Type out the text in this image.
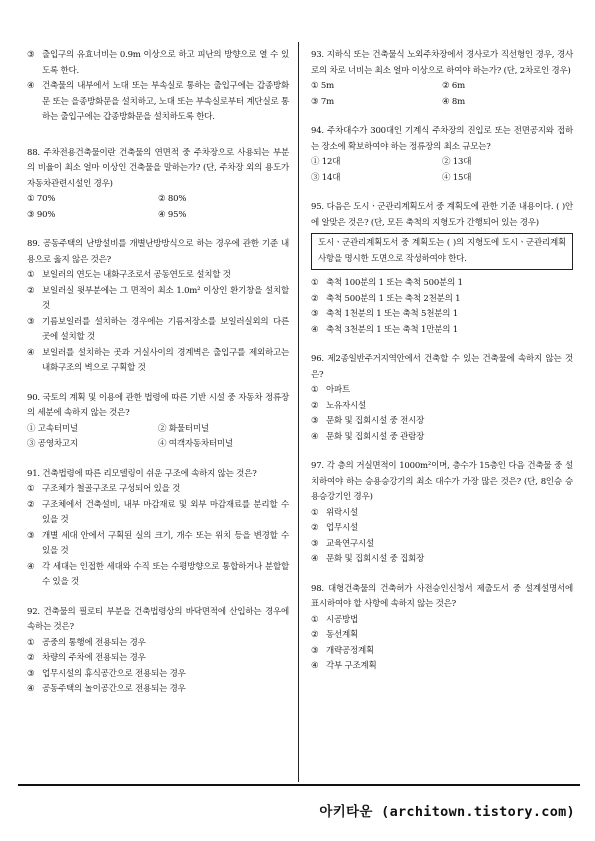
③ 출입구의 유효너비는 0.9m 이상으로 하고 피난의 방향으로 열 수 있도록 한다.
④ 건축물의 내부에서 노대 또는 부속실로 통하는 출입구에는 갑종방화문 또는 을종방화문을 설치하고, 노대 또는 부속실로부터 계단실로 통하는 출입구에는 갑종방화문을 설치하도록 한다.
88. 주차전용건축물이란 건축물의 연면적 중 주차장으로 사용되는 부분의 비율이 최소 얼마 이상인 건축물을 말하는가? (단, 주차장 외의 용도가 자동차관련시설인 경우)
① 70%	② 80%
③ 90%	④ 95%
89. 공동주택의 난방설비를 개별난방방식으로 하는 경우에 관한 기준 내용으로 옳지 않은 것은?
① 보일러의 연도는 내화구조로서 공동연도로 설치할 것
② 보일러실 윗부분에는 그 면적이 최소 1.0m² 이상인 환기창을 설치할 것
③ 기름보일러를 설치하는 경우에는 기름저장소를 보일러실외의 다른 곳에 설치할 것
④ 보일러를 설치하는 곳과 거실사이의 경계벽은 출입구를 제외하고는 내화구조의 벽으로 구획할 것
90. 국토의 계획 및 이용에 관한 법령에 따른 기반 시설 중 자동차 정류장의 세분에 속하지 않는 것은?
① 고속터미널	② 화물터미널
③ 공영차고지	④ 여객자동차터미널
91. 건축법령에 따른 리모델링이 쉬운 구조에 속하지 않는 것은?
① 구조체가 철골구조로 구성되어 있을 것
② 구조체에서 건축설비, 내부 마감재료 및 외부 마감재료를 분리할 수 있을 것
③ 개별 세대 안에서 구획된 실의 크기, 개수 또는 위치 등을 변경할 수 있을 것
④ 각 세대는 인접한 세대와 수직 또는 수평방향으로 통합하거나 분할할 수 있을 것
92. 건축물의 필로티 부분을 건축법령상의 바닥면적에 산입하는 경우에 속하는 것은?
① 공중의 통행에 전용되는 경우
② 차량의 주차에 전용되는 경우
③ 업무시설의 휴식공간으로 전용되는 경우
④ 공동주택의 놀이공간으로 전용되는 경우
93. 지하식 또는 건축물식 노외주차장에서 경사로가 직선형인 경우, 경사로의 차로 너비는 최소 얼마 이상으로 하여야 하는가? (단, 2차로인 경우)
① 5m	② 6m
③ 7m	④ 8m
94. 주차대수가 300대인 기계식 주차장의 진입로 또는 전면공지와 접하는 장소에 확보하여야 하는 정류장의 최소 규모는?
① 12대	② 13대
③ 14대	④ 15대
95. 다음은 도시ㆍ군관리계획도서 중 계획도에 관한 기준 내용이다. ( )안에 알맞은 것은? (단, 모든 축척의 지형도가 간행되어 있는 경우)
도시ㆍ군관리계획도서 중 계획도는 ( )의 지형도에 도시ㆍ군관리계획사항을 명시한 도면으로 작성하여야 한다.
① 축척 100분의 1 또는 축척 500분의 1
② 축척 500분의 1 또는 축척 2천분의 1
③ 축척 1천분의 1 또는 축척 5천분의 1
④ 축척 3천분의 1 또는 축척 1만분의 1
96. 제2종일반주거지역안에서 건축할 수 있는 건축물에 속하지 않는 것은?
① 아파트
② 노유자시설
③ 문화 및 집회시설 중 전시장
④ 문화 및 집회시설 중 관람장
97. 각 층의 거실면적이 1000m²이며, 층수가 15층인 다음 건축물 중 설치하여야 하는 승용승강기의 최소 대수가 가장 많은 것은? (단, 8인승 승용승강기인 경우)
① 위락시설
② 업무시설
③ 교육연구시설
④ 문화 및 집회시설 중 집회장
98. 대형건축물의 건축허가 사전승인신청서 제출도서 중 설계설명서에 표시하여야 할 사항에 속하지 않는 것은?
① 시공방법
② 동선계획
③ 개략공정계획
④ 각부 구조계획
아키타운 (architown.tistory.com)
